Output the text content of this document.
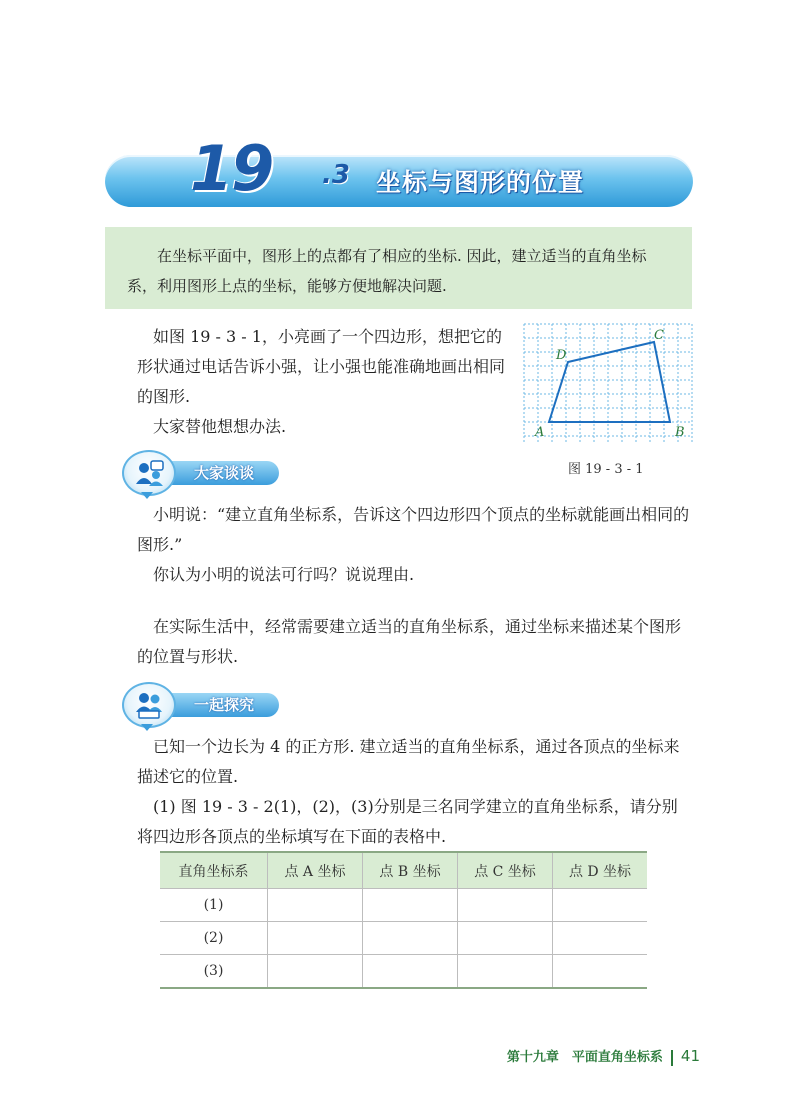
19 .3 坐标与图形的位置

在坐标平面中，图形上的点都有了相应的坐标. 因此，建立适当的直角坐标系，利用图形上点的坐标，能够方便地解决问题.

如图 19 - 3 - 1，小亮画了一个四边形，想把它的形状通过电话告诉小强，让小强也能准确地画出相同的图形.

大家替他想想办法.	A	B
C
D
图 19 - 3 - 1
大家谈谈

小明说：“建立直角坐标系，告诉这个四边形四个顶点的坐标就能画出相同的图形.”

你认为小明的说法可行吗？说说理由.

在实际生活中，经常需要建立适当的直角坐标系，通过坐标来描述某个图形的位置与形状.

一起探究

已知一个边长为 4 的正方形. 建立适当的直角坐标系，通过各顶点的坐标来描述它的位置.

(1) 图 19 - 3 - 2(1)，(2)，(3)分别是三名同学建立的直角坐标系，请分别将四边形各顶点的坐标填写在下面的表格中.

直角坐标系	点 A 坐标	点 B 坐标	点 C 坐标	点 D 坐标
(1)				
(2)				
(3)				
第十九章　平面直角坐标系 41
